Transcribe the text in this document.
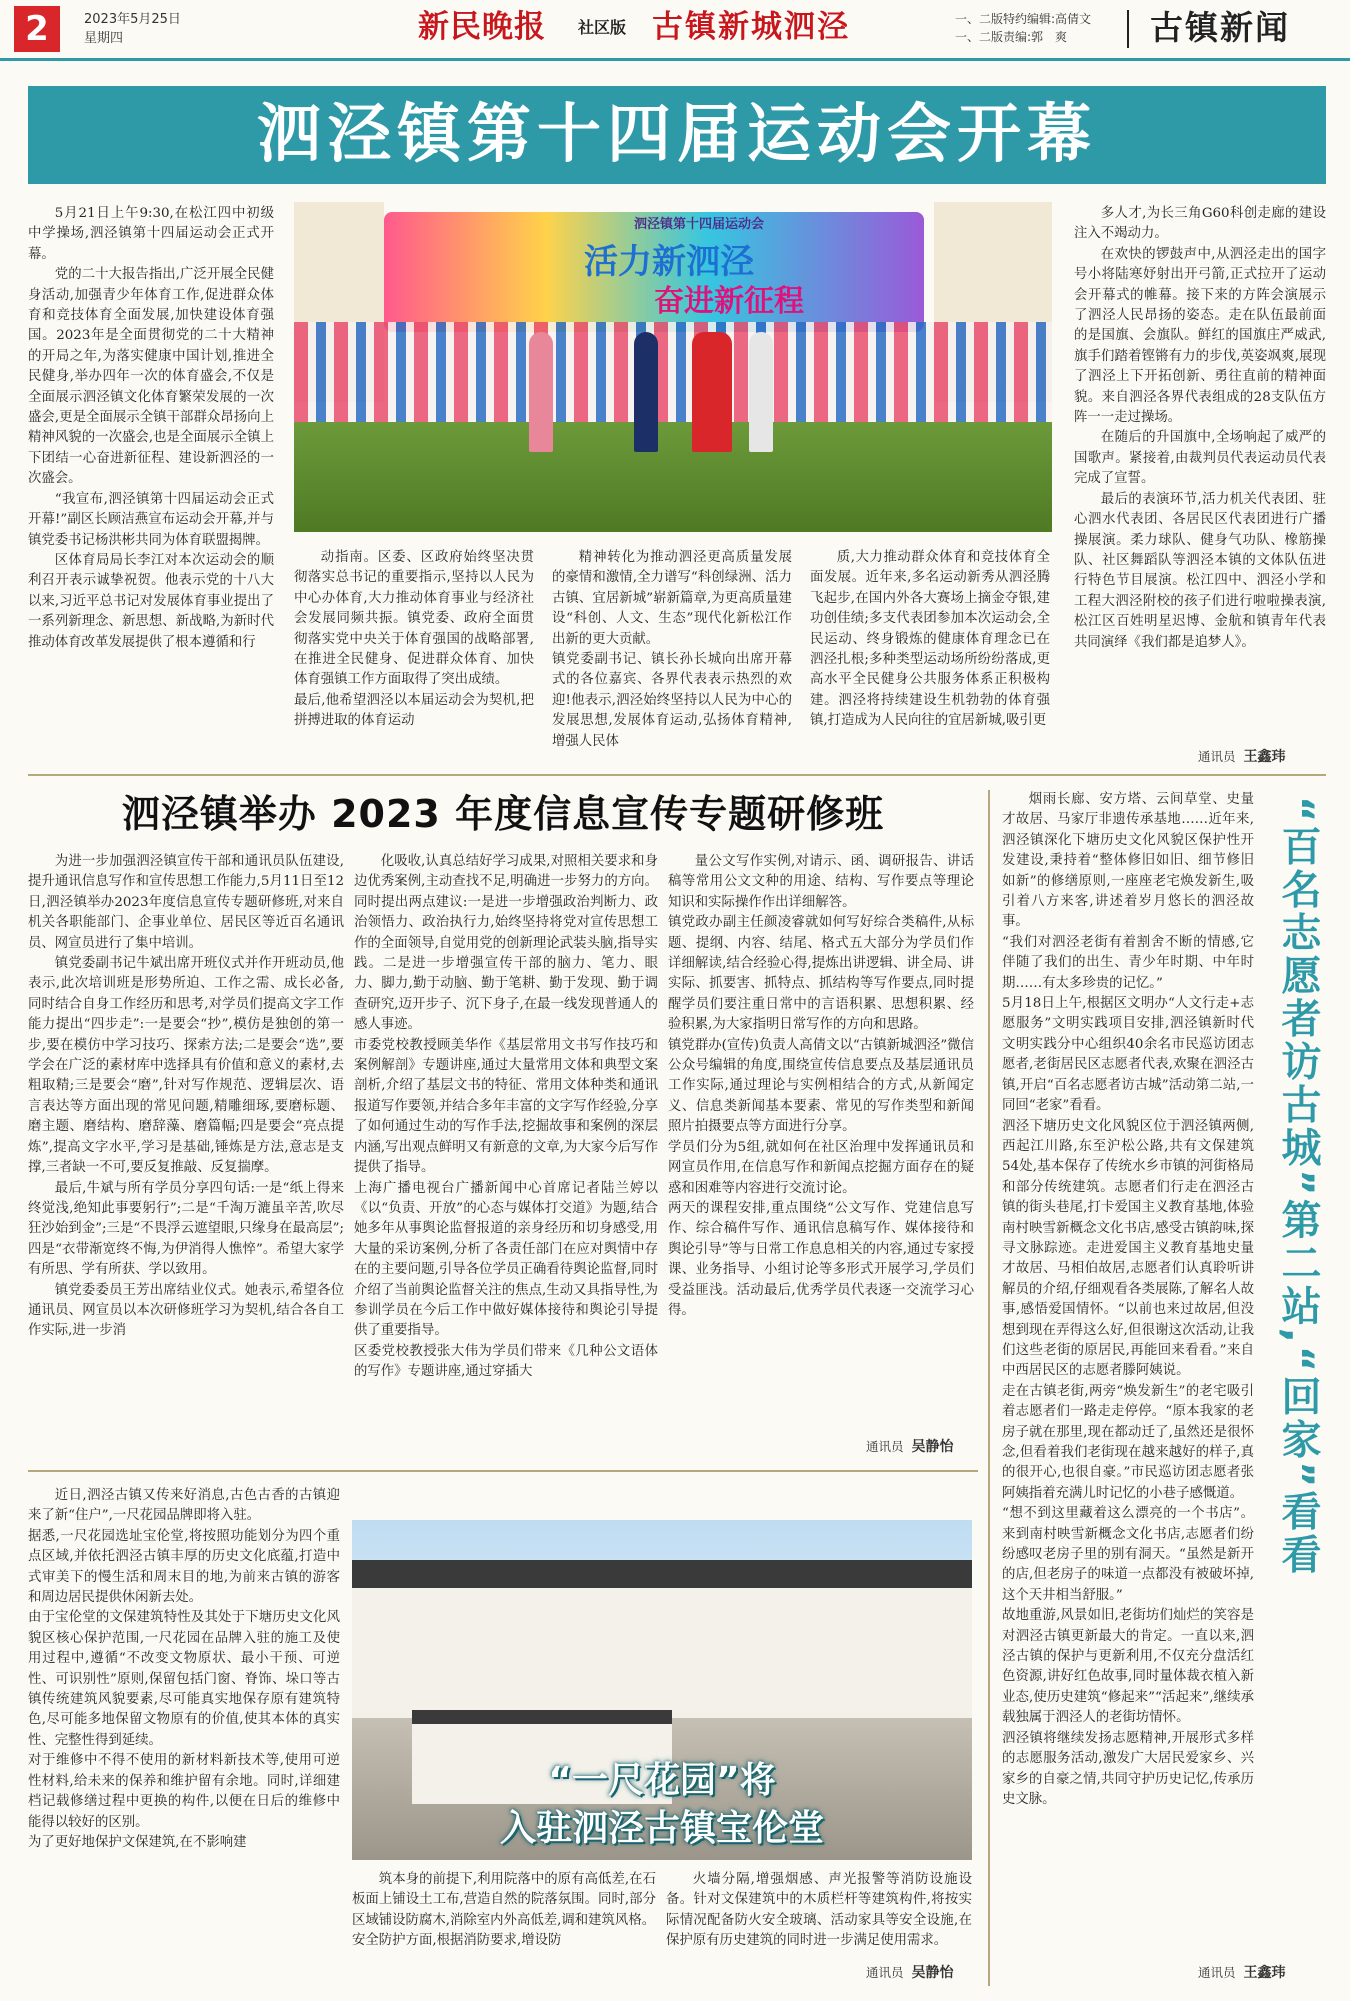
2	2023年5月25日
星期四	新民晚报 社区版 古镇新城泗泾	一、二版特约编辑:高倩文
一、二版责编:郭　爽	古镇新闻
泗泾镇第十四届运动会开幕

5月21日上午9:30,在松江四中初级中学操场,泗泾镇第十四届运动会正式开幕。

党的二十大报告指出,广泛开展全民健身活动,加强青少年体育工作,促进群众体育和竞技体育全面发展,加快建设体育强国。2023年是全面贯彻党的二十大精神的开局之年,为落实健康中国计划,推进全民健身,举办四年一次的体育盛会,不仅是全面展示泗泾镇文化体育繁荣发展的一次盛会,更是全面展示全镇干部群众昂扬向上精神风貌的一次盛会,也是全面展示全镇上下团结一心奋进新征程、建设新泗泾的一次盛会。

“我宣布,泗泾镇第十四届运动会正式开幕!”副区长顾洁燕宣布运动会开幕,并与镇党委书记杨洪彬共同为体育联盟揭牌。

区体育局局长李江对本次运动会的顺利召开表示诚挚祝贺。他表示党的十八大以来,习近平总书记对发展体育事业提出了一系列新理念、新思想、新战略,为新时代推动体育改革发展提供了根本遵循和行

泗泾镇第十四届运动会
活力新泗泾
奋进新征程

动指南。区委、区政府始终坚决贯彻落实总书记的重要指示,坚持以人民为中心办体育,大力推动体育事业与经济社会发展同频共振。镇党委、政府全面贯彻落实党中央关于体育强国的战略部署,在推进全民健身、促进群众体育、加快体育强镇工作方面取得了突出成绩。
最后,他希望泗泾以本届运动会为契机,把拼搏进取的体育运动

精神转化为推动泗泾更高质量发展的豪情和激情,全力谱写“科创绿洲、活力古镇、宜居新城”崭新篇章,为更高质量建设“科创、人文、生态”现代化新松江作出新的更大贡献。
镇党委副书记、镇长孙长城向出席开幕式的各位嘉宾、各界代表表示热烈的欢迎!他表示,泗泾始终坚持以人民为中心的发展思想,发展体育运动,弘扬体育精神,增强人民体

质,大力推动群众体育和竞技体育全面发展。近年来,多名运动新秀从泗泾腾飞起步,在国内外各大赛场上摘金夺银,建功创佳绩;多支代表团参加本次运动会,全民运动、终身锻炼的健康体育理念已在泗泾扎根;多种类型运动场所纷纷落成,更高水平全民健身公共服务体系正积极构建。泗泾将持续建设生机勃勃的体育强镇,打造成为人民向往的宜居新城,吸引更

多人才,为长三角G60科创走廊的建设注入不竭动力。

在欢快的锣鼓声中,从泗泾走出的国字号小将陆寒妤射出开弓箭,正式拉开了运动会开幕式的帷幕。接下来的方阵会演展示了泗泾人民昂扬的姿态。走在队伍最前面的是国旗、会旗队。鲜红的国旗庄严威武,旗手们踏着铿锵有力的步伐,英姿飒爽,展现了泗泾上下开拓创新、勇往直前的精神面貌。来自泗泾各界代表组成的28支队伍方阵一一走过操场。

在随后的升国旗中,全场响起了威严的国歌声。紧接着,由裁判员代表运动员代表完成了宣誓。

最后的表演环节,活力机关代表团、驻心泗水代表团、各居民区代表团进行广播操展演。柔力球队、健身气功队、橡筋操队、社区舞蹈队等泗泾本镇的文体队伍进行特色节目展演。松江四中、泗泾小学和工程大泗泾附校的孩子们进行啦啦操表演,松江区百姓明星迟博、金航和镇青年代表共同演绎《我们都是追梦人》。

通讯员 王鑫玮
泗泾镇举办 2023 年度信息宣传专题研修班

为进一步加强泗泾镇宣传干部和通讯员队伍建设,提升通讯信息写作和宣传思想工作能力,5月11日至12日,泗泾镇举办2023年度信息宣传专题研修班,对来自机关各职能部门、企事业单位、居民区等近百名通讯员、网宣员进行了集中培训。

镇党委副书记牛斌出席开班仪式并作开班动员,他表示,此次培训班是形势所迫、工作之需、成长必备,同时结合自身工作经历和思考,对学员们提高文字工作能力提出“四步走”:一是要会“抄”,模仿是独创的第一步,要在模仿中学习技巧、探索方法;二是要会“选”,要学会在广泛的素材库中选择具有价值和意义的素材,去粗取精;三是要会“磨”,针对写作规范、逻辑层次、语言表达等方面出现的常见问题,精雕细琢,要磨标题、磨主题、磨结构、磨辞藻、磨篇幅;四是要会“亮点提炼”,提高文字水平,学习是基础,锤炼是方法,意志是支撑,三者缺一不可,要反复推敲、反复揣摩。

最后,牛斌与所有学员分享四句话:一是“纸上得来终觉浅,绝知此事要躬行”;二是“千淘万漉虽辛苦,吹尽狂沙始到金”;三是“不畏浮云遮望眼,只缘身在最高层”;四是“衣带渐宽终不悔,为伊消得人憔悴”。希望大家学有所思、学有所获、学以致用。

镇党委委员王芳出席结业仪式。她表示,希望各位通讯员、网宣员以本次研修班学习为契机,结合各自工作实际,进一步消

化吸收,认真总结好学习成果,对照相关要求和身边优秀案例,主动查找不足,明确进一步努力的方向。同时提出两点建议:一是进一步增强政治判断力、政治领悟力、政治执行力,始终坚持将党对宣传思想工作的全面领导,自觉用党的创新理论武装头脑,指导实践。二是进一步增强宣传干部的脑力、笔力、眼力、脚力,勤于动脑、勤于笔耕、勤于发现、勤于调查研究,迈开步子、沉下身子,在最一线发现普通人的感人事迹。
市委党校教授顾美华作《基层常用文书写作技巧和案例解剖》专题讲座,通过大量常用文体和典型文案剖析,介绍了基层文书的特征、常用文体种类和通讯报道写作要领,并结合多年丰富的文字写作经验,分享了如何通过生动的写作手法,挖掘故事和案例的深层内涵,写出观点鲜明又有新意的文章,为大家今后写作提供了指导。
上海广播电视台广播新闻中心首席记者陆兰婷以《以“负责、开放”的心态与媒体打交道》为题,结合她多年从事舆论监督报道的亲身经历和切身感受,用大量的采访案例,分析了各责任部门在应对舆情中存在的主要问题,引导各位学员正确看待舆论监督,同时介绍了当前舆论监督关注的焦点,生动又具指导性,为参训学员在今后工作中做好媒体接待和舆论引导提供了重要指导。
区委党校教授张大伟为学员们带来《几种公文语体的写作》专题讲座,通过穿插大

量公文写作实例,对请示、函、调研报告、讲话稿等常用公文文种的用途、结构、写作要点等理论知识和实际操作作出详细解答。
镇党政办副主任颜凌睿就如何写好综合类稿件,从标题、提纲、内容、结尾、格式五大部分为学员们作详细解读,结合经验心得,提炼出讲逻辑、讲全局、讲实际、抓要害、抓特点、抓结构等写作要点,同时提醒学员们要注重日常中的言语积累、思想积累、经验积累,为大家指明日常写作的方向和思路。
镇党群办(宣传)负责人高倩文以“古镇新城泗泾”微信公众号编辑的角度,围绕宣传信息要点及基层通讯员工作实际,通过理论与实例相结合的方式,从新闻定义、信息类新闻基本要素、常见的写作类型和新闻照片拍摄要点等方面进行分享。
学员们分为5组,就如何在社区治理中发挥通讯员和网宣员作用,在信息写作和新闻点挖掘方面存在的疑惑和困难等内容进行交流讨论。
两天的课程安排,重点围绕“公文写作、党建信息写作、综合稿件写作、通讯信息稿写作、媒体接待和舆论引导”等与日常工作息息相关的内容,通过专家授课、业务指导、小组讨论等多形式开展学习,学员们受益匪浅。活动最后,优秀学员代表逐一交流学习心得。

通讯员 吴静怡	“百名志愿者访古城”第二站,“回家”看看

烟雨长廊、安方塔、云间草堂、史量才故居、马家厅非遗传承基地……近年来,泗泾镇深化下塘历史文化风貌区保护性开发建设,秉持着“整体修旧如旧、细节修旧如新”的修缮原则,一座座老宅焕发新生,吸引着八方来客,讲述着岁月悠长的泗泾故事。
“我们对泗泾老街有着割舍不断的情感,它伴随了我们的出生、青少年时期、中年时期……有太多珍贵的记忆。”
5月18日上午,根据区文明办“人文行走+志愿服务”文明实践项目安排,泗泾镇新时代文明实践分中心组织40余名市民巡访团志愿者,老街居民区志愿者代表,欢聚在泗泾古镇,开启“百名志愿者访古城”活动第二站,一同回“老家”看看。
泗泾下塘历史文化风貌区位于泗泾镇两侧,西起江川路,东至沪松公路,共有文保建筑54处,基本保存了传统水乡市镇的河街格局和部分传统建筑。志愿者们行走在泗泾古镇的街头巷尾,打卡爱国主义教育基地,体验南村映雪新概念文化书店,感受古镇韵味,探寻文脉踪迹。走进爱国主义教育基地史量才故居、马相伯故居,志愿者们认真聆听讲解员的介绍,仔细观看各类展陈,了解名人故事,感悟爱国情怀。“以前也来过故居,但没想到现在弄得这么好,但很谢这次活动,让我们这些老街的原居民,再能回来看看。”来自中西居民区的志愿者滕阿姨说。
走在古镇老街,两旁“焕发新生”的老宅吸引着志愿者们一路走走停停。“原本我家的老房子就在那里,现在都动迁了,虽然还是很怀念,但看着我们老街现在越来越好的样子,真的很开心,也很自豪。”市民巡访团志愿者张阿姨指着充满儿时记忆的小巷子感慨道。
“想不到这里藏着这么漂亮的一个书店”。来到南村映雪新概念文化书店,志愿者们纷纷感叹老房子里的别有洞天。“虽然是新开的店,但老房子的味道一点都没有被破坏掉,这个天井相当舒服。”
故地重游,风景如旧,老街坊们灿烂的笑容是对泗泾古镇更新最大的肯定。一直以来,泗泾古镇的保护与更新利用,不仅充分盘活红色资源,讲好红色故事,同时量体裁衣植入新业态,使历史建筑“修起来”“活起来”,继续承载独属于泗泾人的老街坊情怀。
泗泾镇将继续发扬志愿精神,开展形式多样的志愿服务活动,激发广大居民爱家乡、兴家乡的自豪之情,共同守护历史记忆,传承历史文脉。

通讯员 王鑫玮

近日,泗泾古镇又传来好消息,古色古香的古镇迎来了新“住户”,一尺花园品牌即将入驻。
据悉,一尺花园选址宝伦堂,将按照功能划分为四个重点区域,并依托泗泾古镇丰厚的历史文化底蕴,打造中式审美下的慢生活和周末目的地,为前来古镇的游客和周边居民提供休闲新去处。
由于宝伦堂的文保建筑特性及其处于下塘历史文化风貌区核心保护范围,一尺花园在品牌入驻的施工及使用过程中,遵循“不改变文物原状、最小干预、可逆性、可识别性”原则,保留包括门窗、脊饰、垛口等古镇传统建筑风貌要素,尽可能真实地保存原有建筑特色,尽可能多地保留文物原有的价值,使其本体的真实性、完整性得到延续。
对于维修中不得不使用的新材料新技术等,使用可逆性材料,给未来的保养和维护留有余地。同时,详细建档记载修缮过程中更换的构件,以便在日后的维修中能得以较好的区别。
为了更好地保护文保建筑,在不影响建

“一尺花园”将
入驻泗泾古镇宝伦堂

筑本身的前提下,利用院落中的原有高低差,在石板面上铺设土工布,营造自然的院落氛围。同时,部分区域铺设防腐木,消除室内外高低差,调和建筑风格。
安全防护方面,根据消防要求,增设防

火墙分隔,增强烟感、声光报警等消防设施设备。针对文保建筑中的木质栏杆等建筑构件,将按实际情况配备防火安全玻璃、活动家具等安全设施,在保护原有历史建筑的同时进一步满足使用需求。

通讯员 吴静怡
